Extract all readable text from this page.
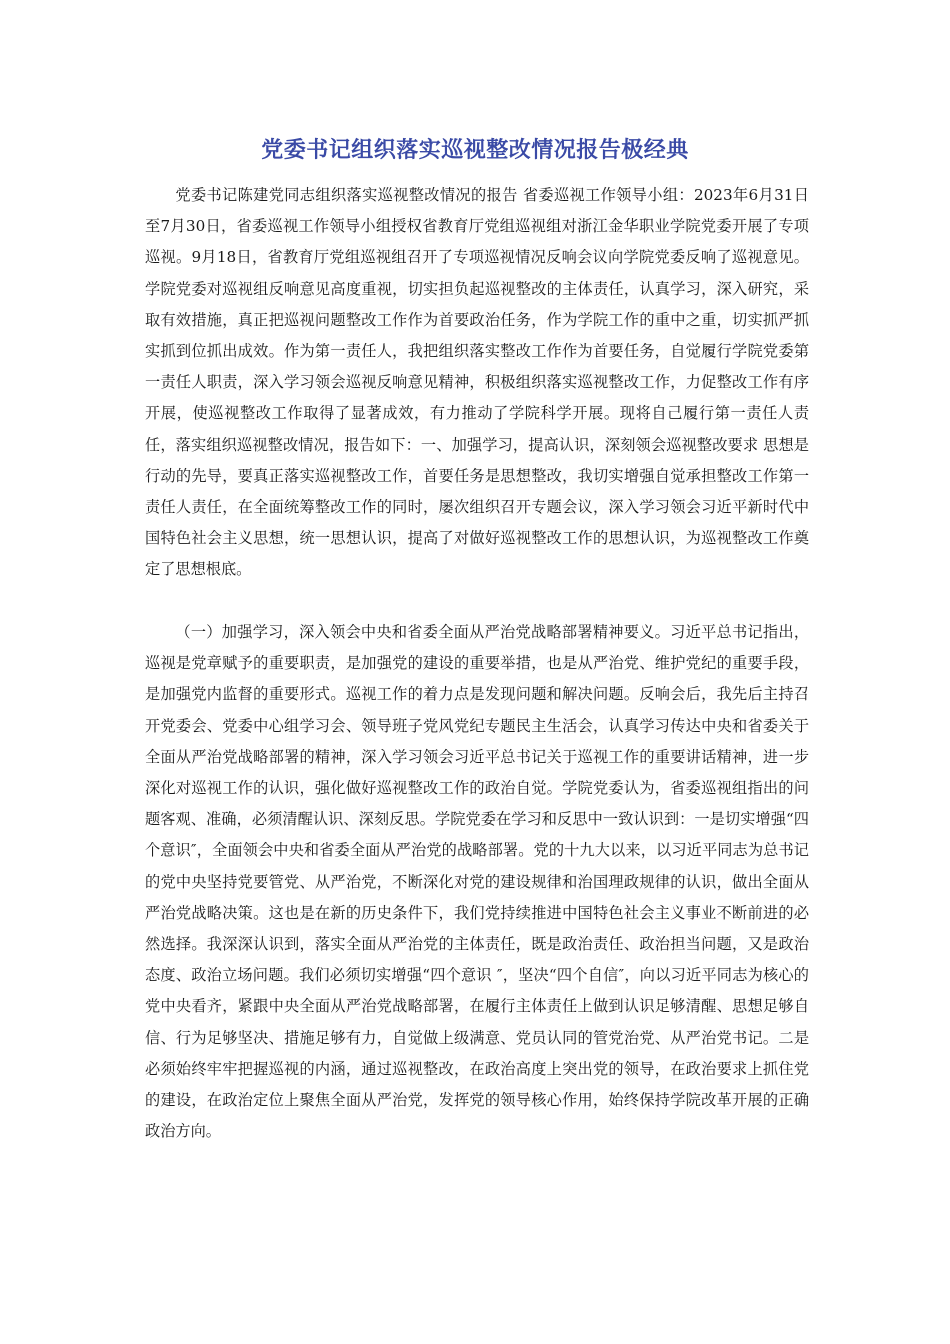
党委书记组织落实巡视整改情况报告极经典

党委书记陈建党同志组织落实巡视整改情况的报告 省委巡视工作领导小组：2023年6月31日至7月30日，省委巡视工作领导小组授权省教育厅党组巡视组对浙江金华职业学院党委开展了专项巡视。9月18日，省教育厅党组巡视组召开了专项巡视情况反响会议向学院党委反响了巡视意见。学院党委对巡视组反响意见高度重视，切实担负起巡视整改的主体责任，认真学习，深入研究，采取有效措施，真正把巡视问题整改工作作为首要政治任务，作为学院工作的重中之重，切实抓严抓实抓到位抓出成效。作为第一责任人，我把组织落实整改工作作为首要任务，自觉履行学院党委第一责任人职责，深入学习领会巡视反响意见精神，积极组织落实巡视整改工作，力促整改工作有序开展，使巡视整改工作取得了显著成效，有力推动了学院科学开展。现将自己履行第一责任人责任，落实组织巡视整改情况，报告如下：一、加强学习，提高认识，深刻领会巡视整改要求 思想是行动的先导，要真正落实巡视整改工作，首要任务是思想整改，我切实增强自觉承担整改工作第一责任人责任，在全面统筹整改工作的同时，屡次组织召开专题会议，深入学习领会习近平新时代中国特色社会主义思想，统一思想认识，提高了对做好巡视整改工作的思想认识，为巡视整改工作奠定了思想根底。

（一）加强学习，深入领会中央和省委全面从严治党战略部署精神要义。习近平总书记指出，巡视是党章赋予的重要职责，是加强党的建设的重要举措，也是从严治党、维护党纪的重要手段，是加强党内监督的重要形式。巡视工作的着力点是发现问题和解决问题。反响会后，我先后主持召开党委会、党委中心组学习会、领导班子党风党纪专题民主生活会，认真学习传达中央和省委关于全面从严治党战略部署的精神，深入学习领会习近平总书记关于巡视工作的重要讲话精神，进一步深化对巡视工作的认识，强化做好巡视整改工作的政治自觉。学院党委认为，省委巡视组指出的问题客观、准确，必须清醒认识、深刻反思。学院党委在学习和反思中一致认识到：一是切实增强“四个意识″，全面领会中央和省委全面从严治党的战略部署。党的十九大以来，以习近平同志为总书记的党中央坚持党要管党、从严治党，不断深化对党的建设规律和治国理政规律的认识，做出全面从严治党战略决策。这也是在新的历史条件下，我们党持续推进中国特色社会主义事业不断前进的必然选择。我深深认识到，落实全面从严治党的主体责任，既是政治责任、政治担当问题，又是政治态度、政治立场问题。我们必须切实增强“四个意识 ″，坚决“四个自信″，向以习近平同志为核心的党中央看齐，紧跟中央全面从严治党战略部署，在履行主体责任上做到认识足够清醒、思想足够自信、行为足够坚决、措施足够有力，自觉做上级满意、党员认同的管党治党、从严治党书记。二是必须始终牢牢把握巡视的内涵，通过巡视整改，在政治高度上突出党的领导，在政治要求上抓住党的建设，在政治定位上聚焦全面从严治党，发挥党的领导核心作用，始终保持学院改革开展的正确政治方向。
